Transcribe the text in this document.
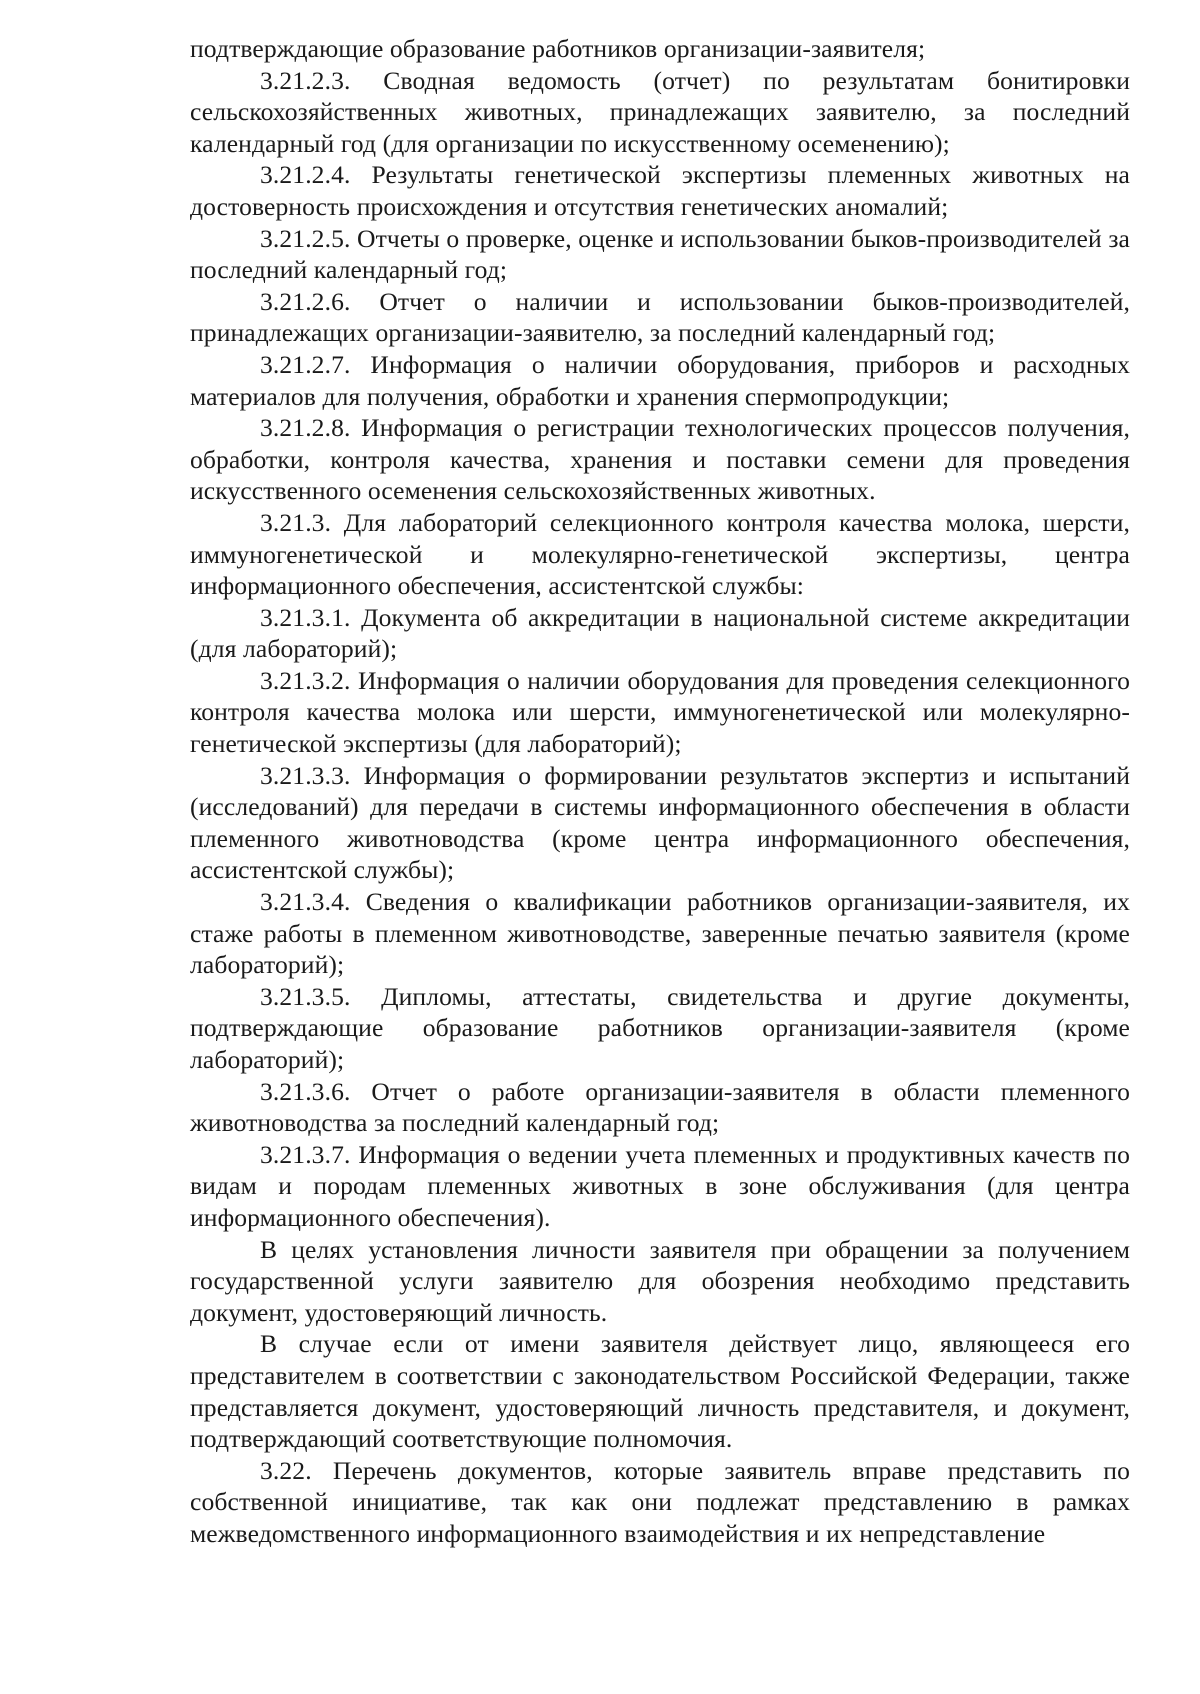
подтверждающие образование работников организации-заявителя;

3.21.2.3. Сводная ведомость (отчет) по результатам бонитировки сельскохозяйственных животных, принадлежащих заявителю, за последний календарный год (для организации по искусственному осеменению);

3.21.2.4. Результаты генетической экспертизы племенных животных на достоверность происхождения и отсутствия генетических аномалий;

3.21.2.5. Отчеты о проверке, оценке и использовании быков-производителей за последний календарный год;

3.21.2.6. Отчет о наличии и использовании быков-производителей, принадлежащих организации-заявителю, за последний календарный год;

3.21.2.7. Информация о наличии оборудования, приборов и расходных материалов для получения, обработки и хранения спермопродукции;

3.21.2.8. Информация о регистрации технологических процессов получения, обработки, контроля качества, хранения и поставки семени для проведения искусственного осеменения сельскохозяйственных животных.

3.21.3. Для лабораторий селекционного контроля качества молока, шерсти, иммуногенетической и молекулярно-генетической экспертизы, центра информационного обеспечения, ассистентской службы:

3.21.3.1. Документа об аккредитации в национальной системе аккредитации (для лабораторий);

3.21.3.2. Информация о наличии оборудования для проведения селекционного контроля качества молока или шерсти, иммуногенетической или молекулярно-генетической экспертизы (для лабораторий);

3.21.3.3. Информация о формировании результатов экспертиз и испытаний (исследований) для передачи в системы информационного обеспечения в области племенного животноводства (кроме центра информационного обеспечения, ассистентской службы);

3.21.3.4. Сведения о квалификации работников организации-заявителя, их стаже работы в племенном животноводстве, заверенные печатью заявителя (кроме лабораторий);

3.21.3.5. Дипломы, аттестаты, свидетельства и другие документы, подтверждающие образование работников организации-заявителя (кроме лабораторий);

3.21.3.6. Отчет о работе организации-заявителя в области племенного животноводства за последний календарный год;

3.21.3.7. Информация о ведении учета племенных и продуктивных качеств по видам и породам племенных животных в зоне обслуживания (для центра информационного обеспечения).

В целях установления личности заявителя при обращении за получением государственной услуги заявителю для обозрения необходимо представить документ, удостоверяющий личность.

В случае если от имени заявителя действует лицо, являющееся его представителем в соответствии с законодательством Российской Федерации, также представляется документ, удостоверяющий личность представителя, и документ, подтверждающий соответствующие полномочия.

3.22. Перечень документов, которые заявитель вправе представить по собственной инициативе, так как они подлежат представлению в рамках межведомственного информационного взаимодействия и их непредставление
